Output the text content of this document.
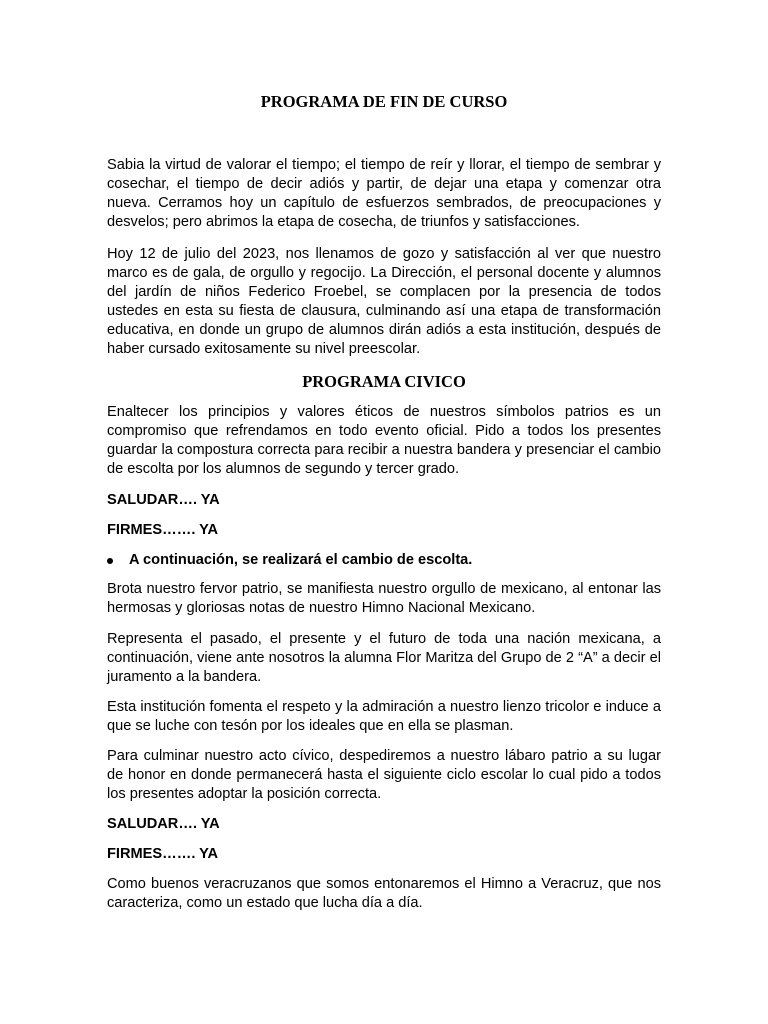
PROGRAMA DE FIN DE CURSO

Sabia la virtud de valorar el tiempo; el tiempo de reír y llorar, el tiempo de sembrar y cosechar, el tiempo de decir adiós y partir, de dejar una etapa y comenzar otra nueva. Cerramos hoy un capítulo de esfuerzos sembrados, de preocupaciones y desvelos; pero abrimos la etapa de cosecha, de triunfos y satisfacciones.

Hoy 12 de julio del 2023, nos llenamos de gozo y satisfacción al ver que nuestro marco es de gala, de orgullo y regocijo. La Dirección, el personal docente y alumnos del jardín de niños Federico Froebel, se complacen por la presencia de todos ustedes en esta su fiesta de clausura, culminando así una etapa de transformación educativa, en donde un grupo de alumnos dirán adiós a esta institución, después de haber cursado exitosamente su nivel preescolar.

PROGRAMA CIVICO

Enaltecer los principios y valores éticos de nuestros símbolos patrios es un compromiso que refrendamos en todo evento oficial. Pido a todos los presentes guardar la compostura correcta para recibir a nuestra bandera y presenciar el cambio de escolta por los alumnos de segundo y tercer grado.

SALUDAR…. YA

FIRMES……. YA

A continuación, se realizará el cambio de escolta.

Brota nuestro fervor patrio, se manifiesta nuestro orgullo de mexicano, al entonar las hermosas y gloriosas notas de nuestro Himno Nacional Mexicano.

Representa el pasado, el presente y el futuro de toda una nación mexicana, a continuación, viene ante nosotros la alumna Flor Maritza del Grupo de 2 “A” a decir el juramento a la bandera.

Esta institución fomenta el respeto y la admiración a nuestro lienzo tricolor e induce a que se luche con tesón por los ideales que en ella se plasman.

Para culminar nuestro acto cívico, despediremos a nuestro lábaro patrio a su lugar de honor en donde permanecerá hasta el siguiente ciclo escolar lo cual pido a todos los presentes adoptar la posición correcta.

SALUDAR…. YA

FIRMES……. YA

Como buenos veracruzanos que somos entonaremos el Himno a Veracruz, que nos caracteriza, como un estado que lucha día a día.
